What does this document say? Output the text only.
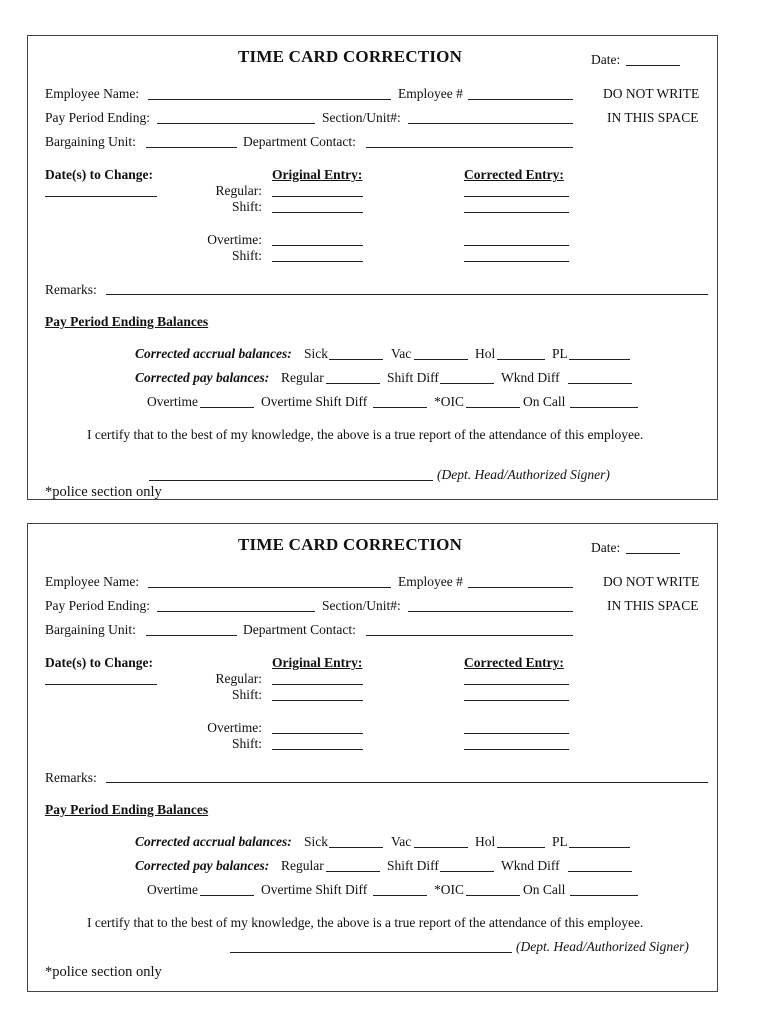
TIME CARD CORRECTION	Date:
Employee Name:	Employee #	DO NOT WRITE
Pay Period Ending:	Section/Unit#:	IN THIS SPACE
Bargaining Unit:	Department Contact:
Date(s) to Change:	Original Entry:	Corrected Entry:
Regular:
Shift:
Overtime:
Shift:
Remarks:
Pay Period Ending Balances
Corrected accrual balances: Sick	Vac	Hol	PL
Corrected pay balances: Regular	Shift Diff	Wknd Diff
Overtime	Overtime Shift Diff	*OIC	On Call
I certify that to the best of my knowledge, the above is a true report of the attendance of this employee.
(Dept. Head/Authorized Signer)
*police section only
TIME CARD CORRECTION	Date:
Employee Name:	Employee #	DO NOT WRITE
Pay Period Ending:	Section/Unit#:	IN THIS SPACE
Bargaining Unit:	Department Contact:
Date(s) to Change:	Original Entry:	Corrected Entry:
Regular:
Shift:
Overtime:
Shift:
Remarks:
Pay Period Ending Balances
Corrected accrual balances: Sick	Vac	Hol	PL
Corrected pay balances: Regular	Shift Diff	Wknd Diff
Overtime	Overtime Shift Diff	*OIC	On Call
I certify that to the best of my knowledge, the above is a true report of the attendance of this employee.
(Dept. Head/Authorized Signer)
*police section only
